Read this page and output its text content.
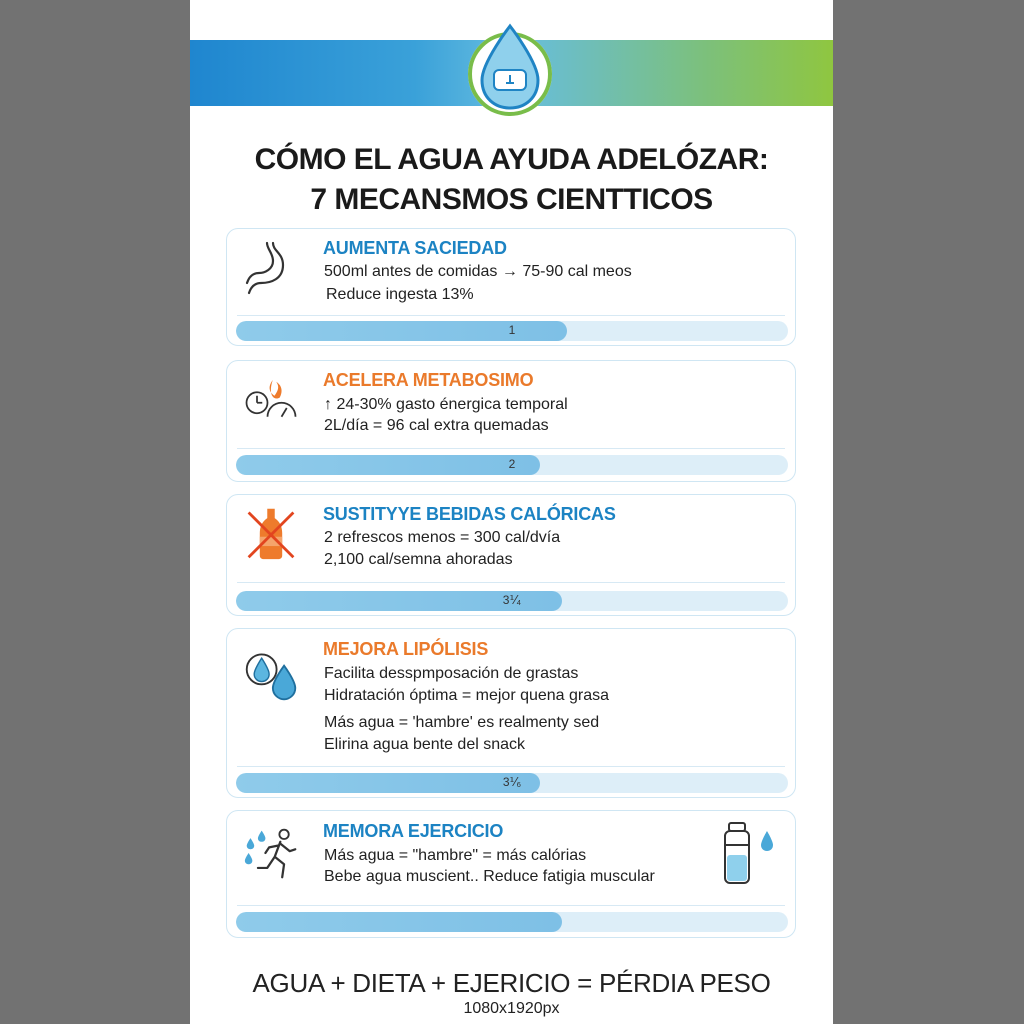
CÓMO EL AGUA AYUDA ADELÓZAR:
7 MECANSMOS CIENTTICOS
AUMENTA SACIEDAD
500ml antes de comidas → 75-90 cal meos
Reduce ingesta 13%
1
ACELERA METABOSIMO
↑ 24-30% gasto énergica temporal
2L/día = 96 cal extra quemadas
2
SUSTITYYE BEBIDAS CALÓRICAS
2 refrescos menos = 300 cal/dvía
2,100 cal/semna ahoradas
3⅟₄
MEJORA LIPÓLISIS
Facilita desspmposación de grastas
Hidratación óptima = mejor quena grasa
Más agua = 'hambre' es realmenty sed
Elirina agua bente del snack
3⅟₆
MEMORA EJERCICIO
Más agua = "hambre" = más calórias
Bebe agua muscient.. Reduce fatigia muscular
AGUA + DIETA + EJERICIO = PÉRDIA PESO
1080x1920px
